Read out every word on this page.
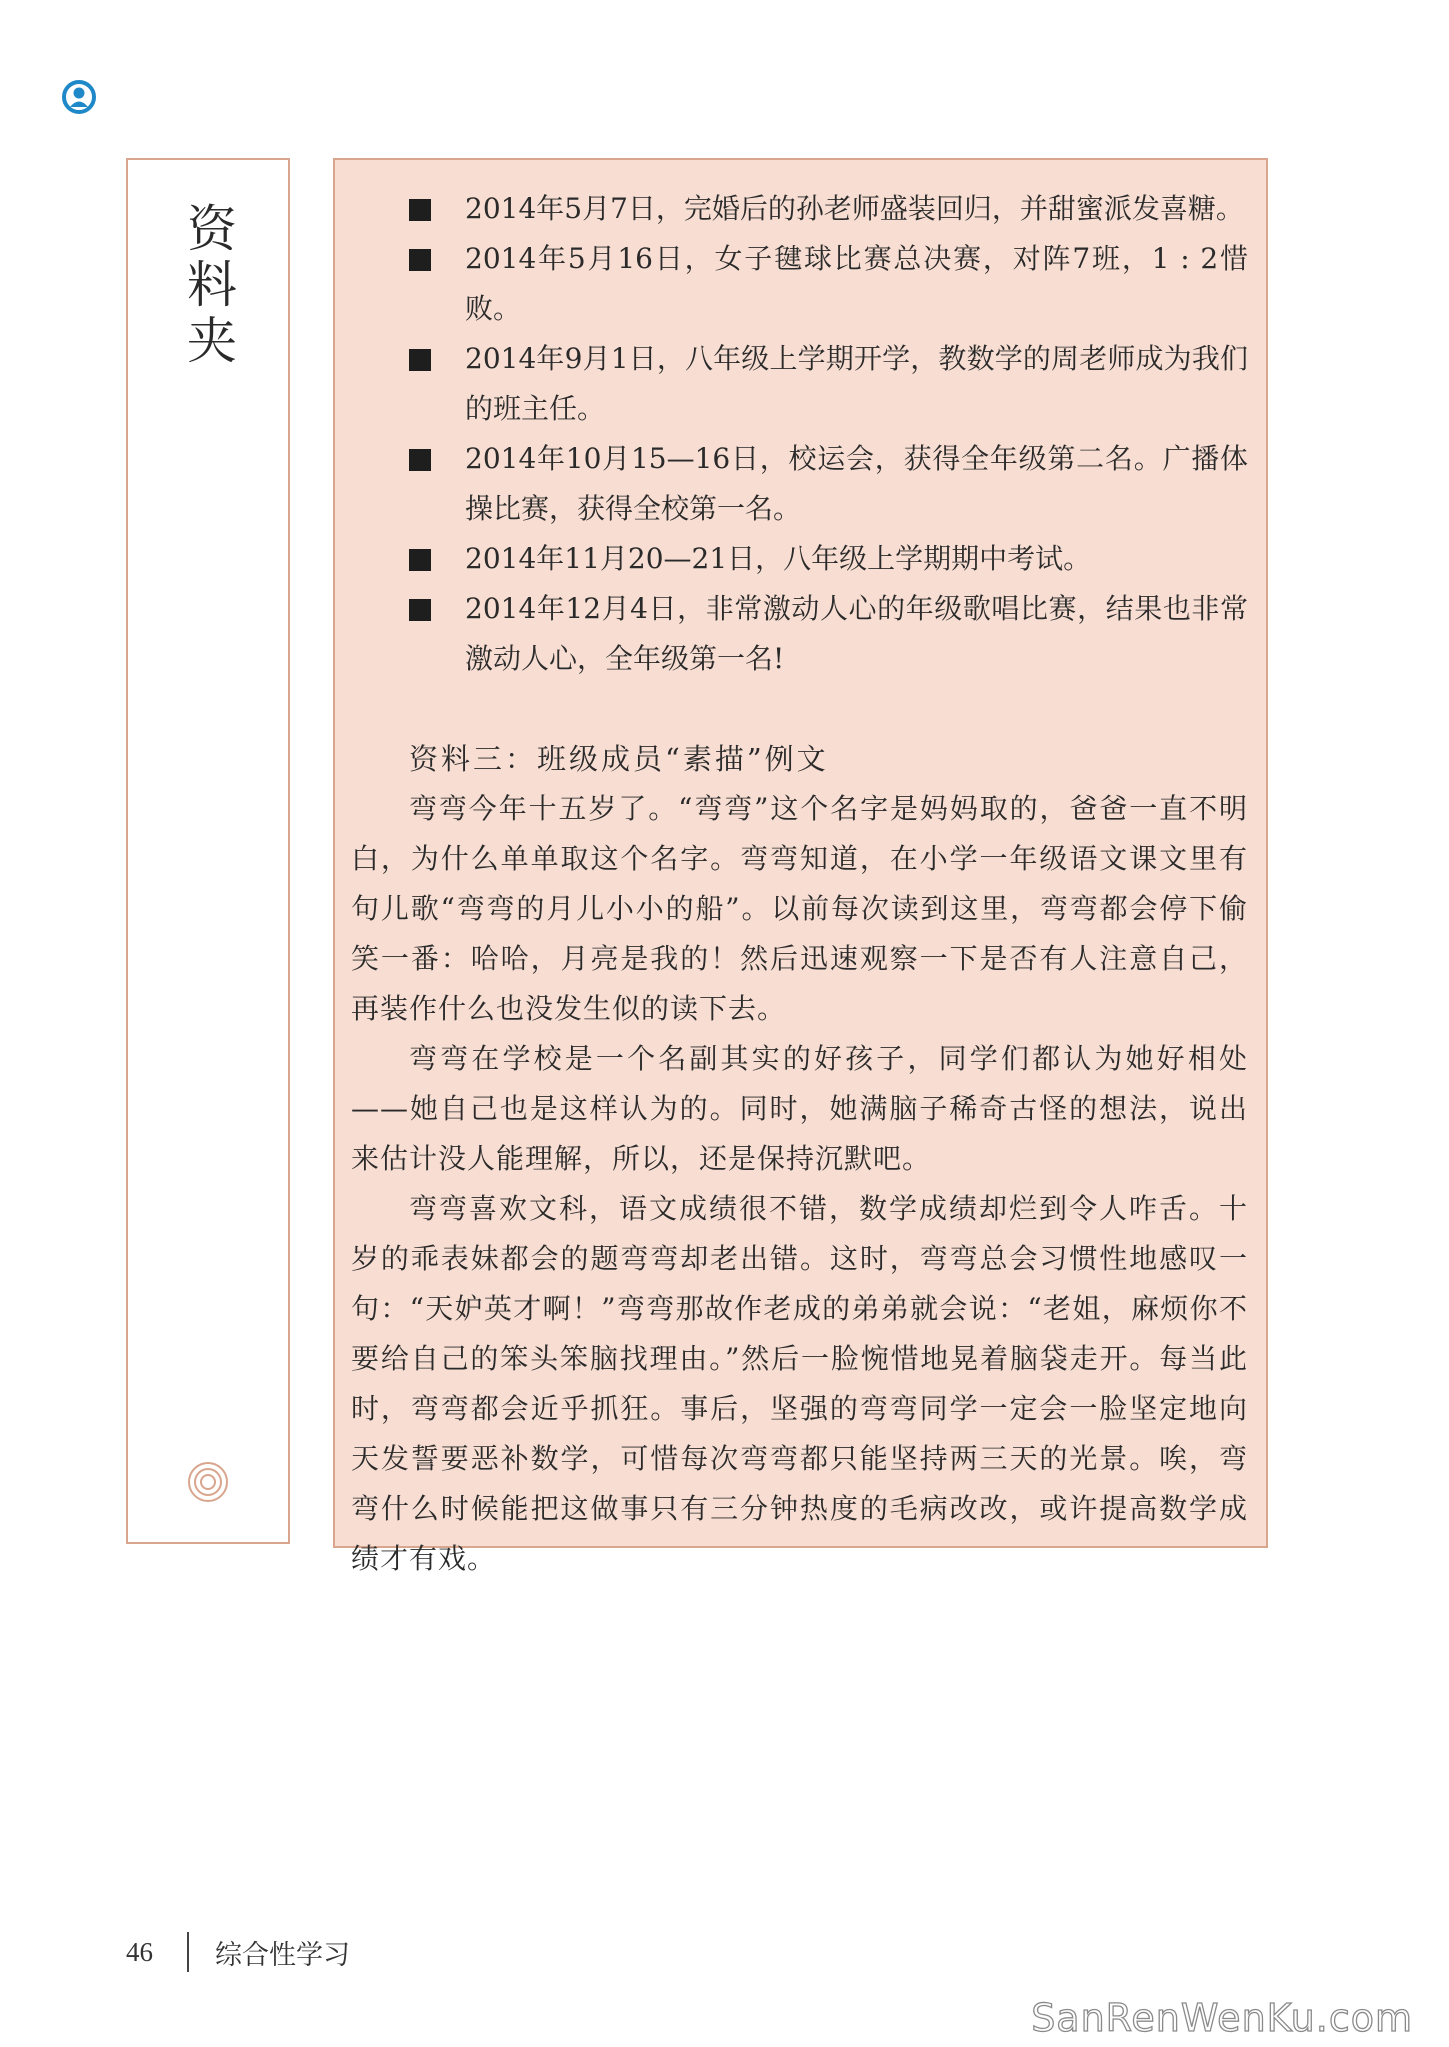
资料夹	2014年5月7日，完婚后的孙老师盛装回归，并甜蜜派发喜糖。
2014年5月16日，女子毽球比赛总决赛，对阵7班，1 : 2惜败。
2014年9月1日，八年级上学期开学，教数学的周老师成为我们的班主任。
2014年10月15—16日，校运会，获得全年级第二名。广播体操比赛，获得全校第一名。
2014年11月20—21日，八年级上学期期中考试。
2014年12月4日，非常激动人心的年级歌唱比赛，结果也非常激动人心，全年级第一名!
资料三：班级成员“素描”例文

弯弯今年十五岁了。“弯弯”这个名字是妈妈取的，爸爸一直不明白，为什么单单取这个名字。弯弯知道，在小学一年级语文课文里有句儿歌“弯弯的月儿小小的船”。以前每次读到这里，弯弯都会停下偷笑一番：哈哈，月亮是我的！然后迅速观察一下是否有人注意自己，再装作什么也没发生似的读下去。

弯弯在学校是一个名副其实的好孩子，同学们都认为她好相处——她自己也是这样认为的。同时，她满脑子稀奇古怪的想法，说出来估计没人能理解，所以，还是保持沉默吧。

弯弯喜欢文科，语文成绩很不错，数学成绩却烂到令人咋舌。十岁的乖表妹都会的题弯弯却老出错。这时，弯弯总会习惯性地感叹一句：“天妒英才啊！”弯弯那故作老成的弟弟就会说：“老姐，麻烦你不要给自己的笨头笨脑找理由。”然后一脸惋惜地晃着脑袋走开。每当此时，弯弯都会近乎抓狂。事后，坚强的弯弯同学一定会一脸坚定地向天发誓要恶补数学，可惜每次弯弯都只能坚持两三天的光景。唉，弯弯什么时候能把这做事只有三分钟热度的毛病改改，或许提高数学成绩才有戏。

46 综合性学习
SanRenWenKu.com
